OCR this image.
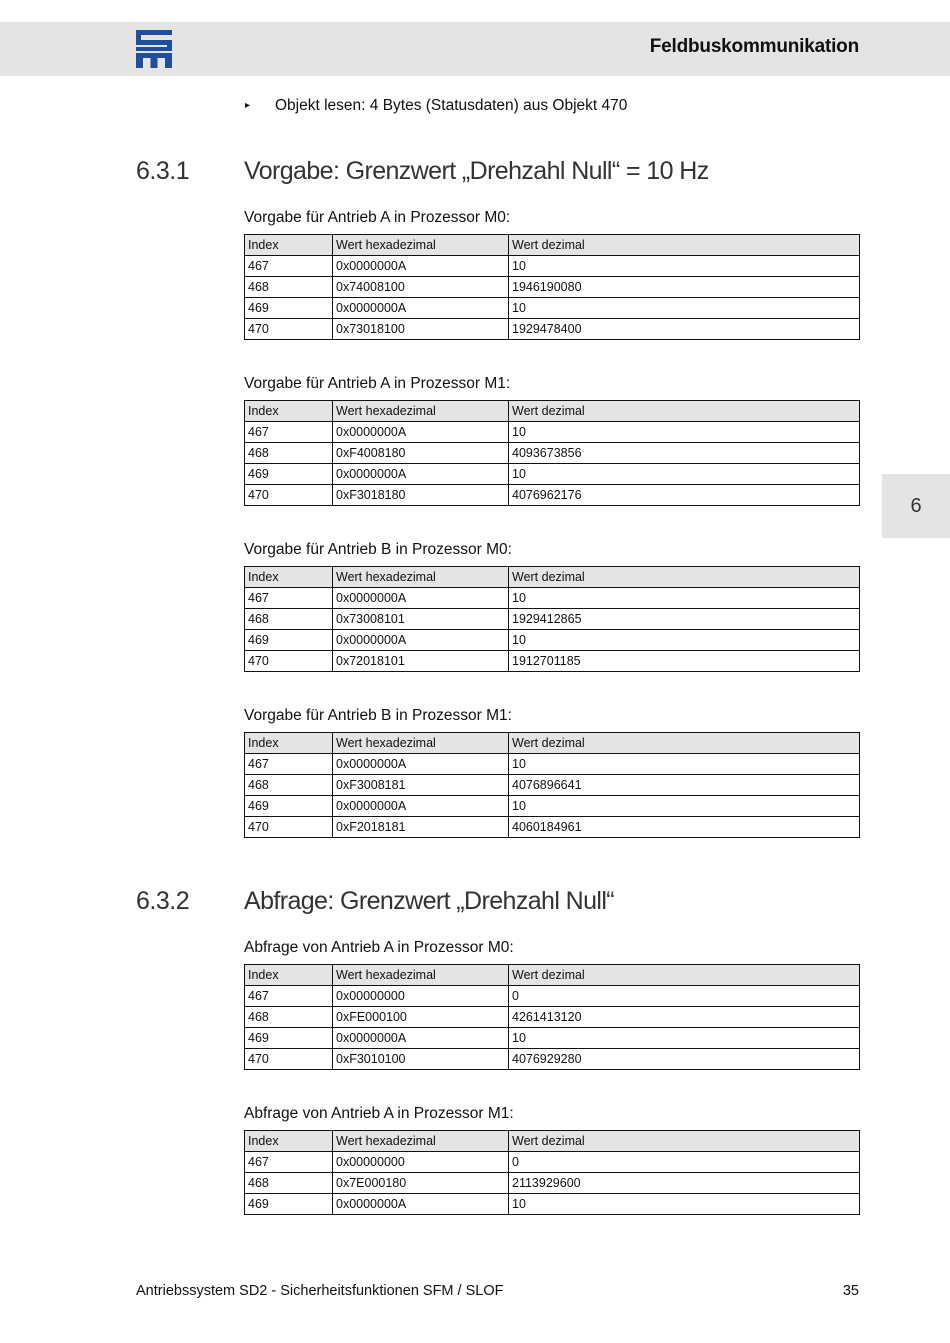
Feldbuskommunikation
▸ Objekt lesen: 4 Bytes (Statusdaten) aus Objekt 470
6.3.1 Vorgabe: Grenzwert „Drehzahl Null“ = 10 Hz
Vorgabe für Antrieb A in Prozessor M0:
Index	Wert hexadezimal	Wert dezimal
467	0x0000000A	10
468	0x74008100	1946190080
469	0x0000000A	10
470	0x73018100	1929478400
Vorgabe für Antrieb A in Prozessor M1:
Index	Wert hexadezimal	Wert dezimal
467	0x0000000A	10
468	0xF4008180	4093673856
469	0x0000000A	10
470	0xF3018180	4076962176
Vorgabe für Antrieb B in Prozessor M0:
Index	Wert hexadezimal	Wert dezimal
467	0x0000000A	10
468	0x73008101	1929412865
469	0x0000000A	10
470	0x72018101	1912701185
Vorgabe für Antrieb B in Prozessor M1:
Index	Wert hexadezimal	Wert dezimal
467	0x0000000A	10
468	0xF3008181	4076896641
469	0x0000000A	10
470	0xF2018181	4060184961
6.3.2 Abfrage: Grenzwert „Drehzahl Null“
Abfrage von Antrieb A in Prozessor M0:
Index	Wert hexadezimal	Wert dezimal
467	0x00000000	0
468	0xFE000100	4261413120
469	0x0000000A	10
470	0xF3010100	4076929280
Abfrage von Antrieb A in Prozessor M1:
Index	Wert hexadezimal	Wert dezimal
467	0x00000000	0
468	0x7E000180	2113929600
469	0x0000000A	10
6
Antriebssystem SD2 - Sicherheitsfunktionen SFM / SLOF	35
